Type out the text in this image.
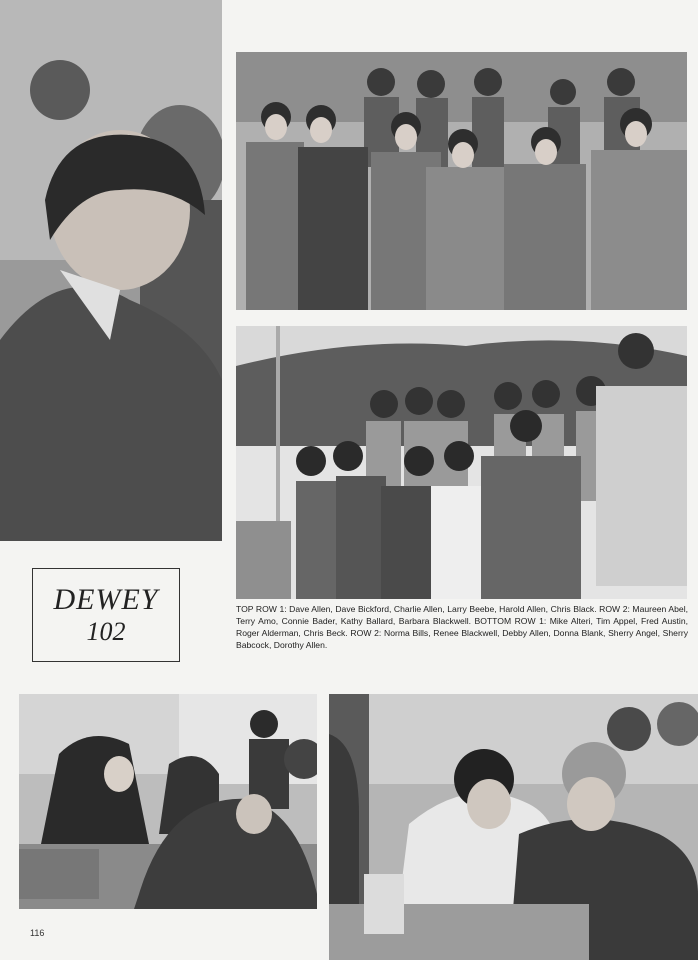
DEWEY
102
TOP ROW 1: Dave Allen, Dave Bickford, Charlie Allen, Larry Beebe, Harold Allen, Chris Black. ROW 2: Maureen Abel, Terry Amo, Connie Bader, Kathy Ballard, Barbara Blackwell. BOTTOM ROW 1: Mike Alteri, Tim Appel, Fred Austin, Roger Alderman, Chris Beck. ROW 2: Norma Bills, Renee Blackwell, Debby Allen, Donna Blank, Sherry Angel, Sherry Babcock, Dorothy Allen.
116
